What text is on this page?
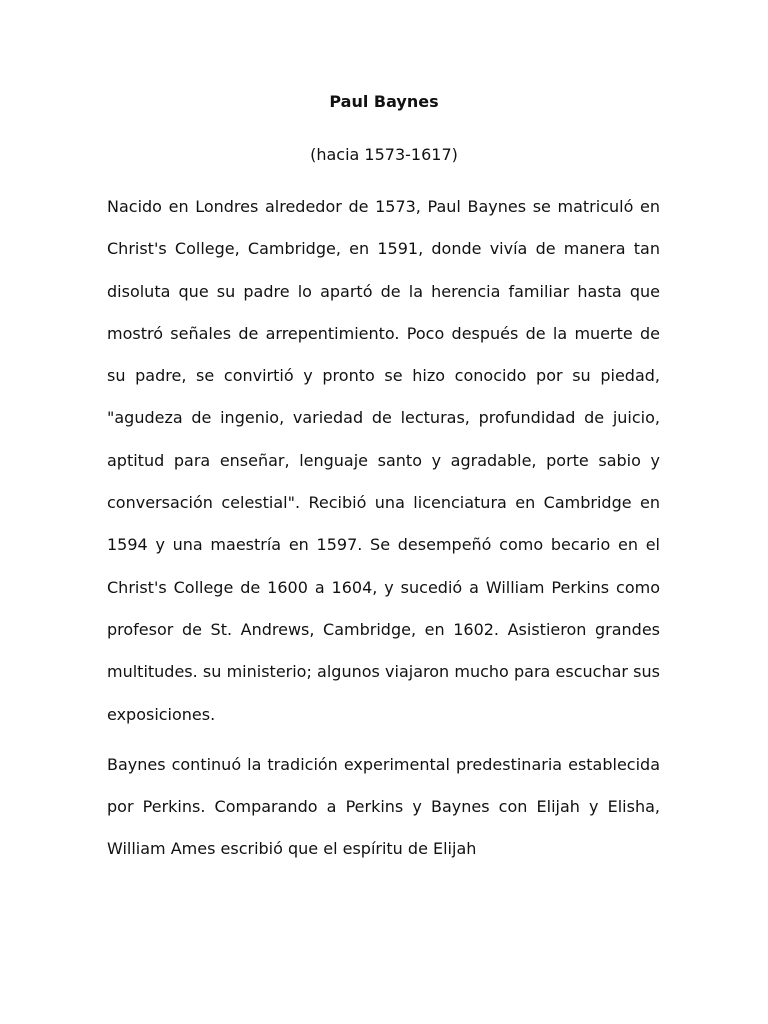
Paul Baynes

(hacia 1573-1617)

Nacido en Londres alrededor de 1573, Paul Baynes se matriculó en Christ's College, Cambridge, en 1591, donde vivía de manera tan disoluta que su padre lo apartó de la herencia familiar hasta que mostró señales de arrepentimiento. Poco después de la muerte de su padre, se convirtió y pronto se hizo conocido por su piedad, "agudeza de ingenio, variedad de lecturas, profundidad de juicio, aptitud para enseñar, lenguaje santo y agradable, porte sabio y conversación celestial". Recibió una licenciatura en Cambridge en 1594 y una maestría en 1597. Se desempeñó como becario en el Christ's College de 1600 a 1604, y sucedió a William Perkins como profesor de St. Andrews, Cambridge, en 1602. Asistieron grandes multitudes. su ministerio; algunos viajaron mucho para escuchar sus exposiciones.

Baynes continuó la tradición experimental predestinaria establecida por Perkins. Comparando a Perkins y Baynes con Elijah y Elisha, William Ames escribió que el espíritu de Elijah
